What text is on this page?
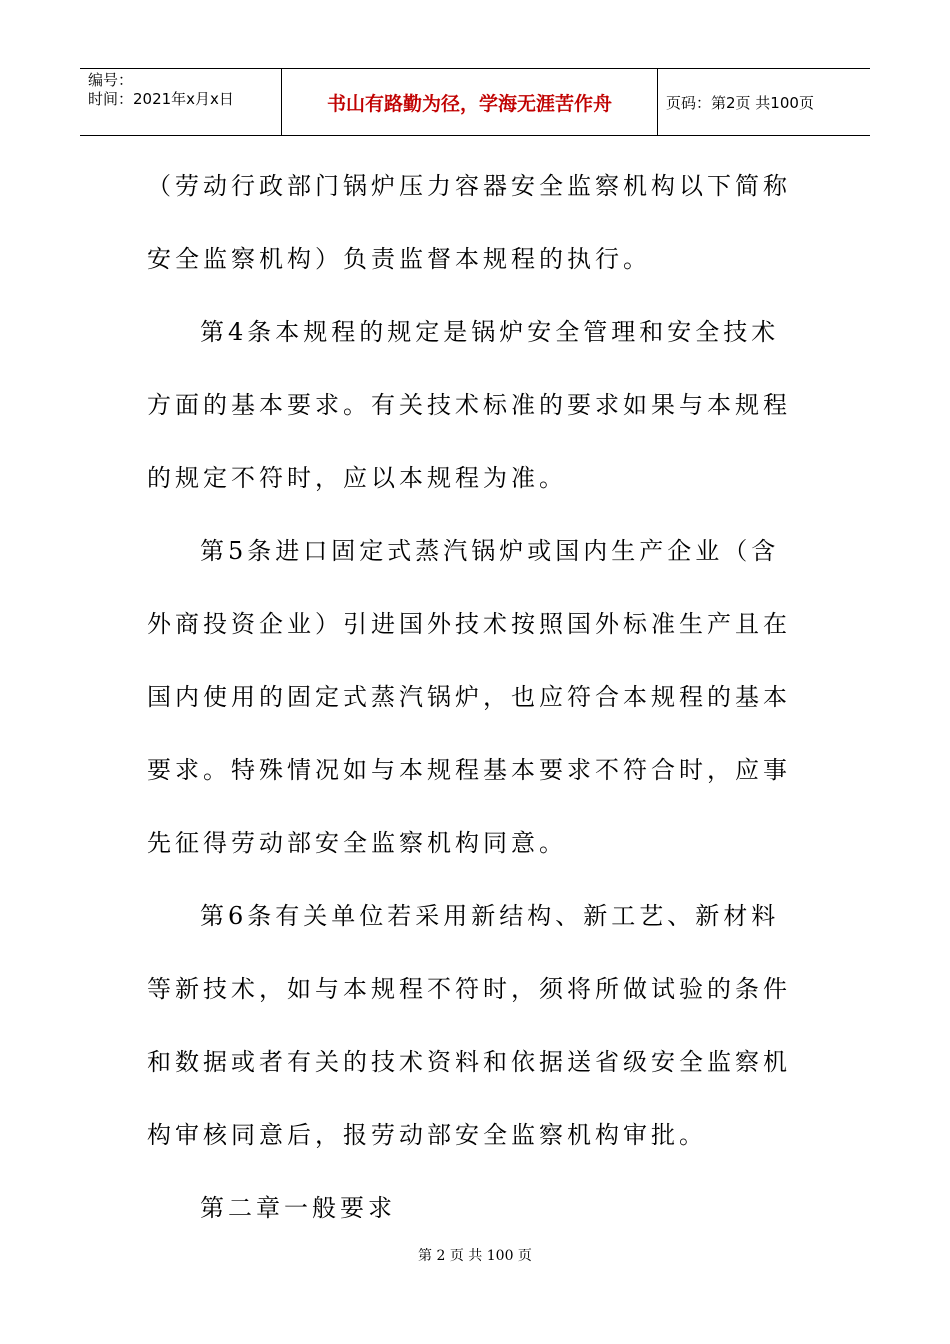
编号：
时间：2021年x月x日	书山有路勤为径，学海无涯苦作舟	页码：第2页 共100页

（劳动行政部门锅炉压力容器安全监察机构以下简称安全监察机构）负责监督本规程的执行。

第4条本规程的规定是锅炉安全管理和安全技术方面的基本要求。有关技术标准的要求如果与本规程的规定不符时，应以本规程为准。

第5条进口固定式蒸汽锅炉或国内生产企业（含外商投资企业）引进国外技术按照国外标准生产且在国内使用的固定式蒸汽锅炉，也应符合本规程的基本要求。特殊情况如与本规程基本要求不符合时，应事先征得劳动部安全监察机构同意。

第6条有关单位若采用新结构、新工艺、新材料等新技术，如与本规程不符时，须将所做试验的条件和数据或者有关的技术资料和依据送省级安全监察机构审核同意后，报劳动部安全监察机构审批。

第二章一般要求

第 2 页 共 100 页
